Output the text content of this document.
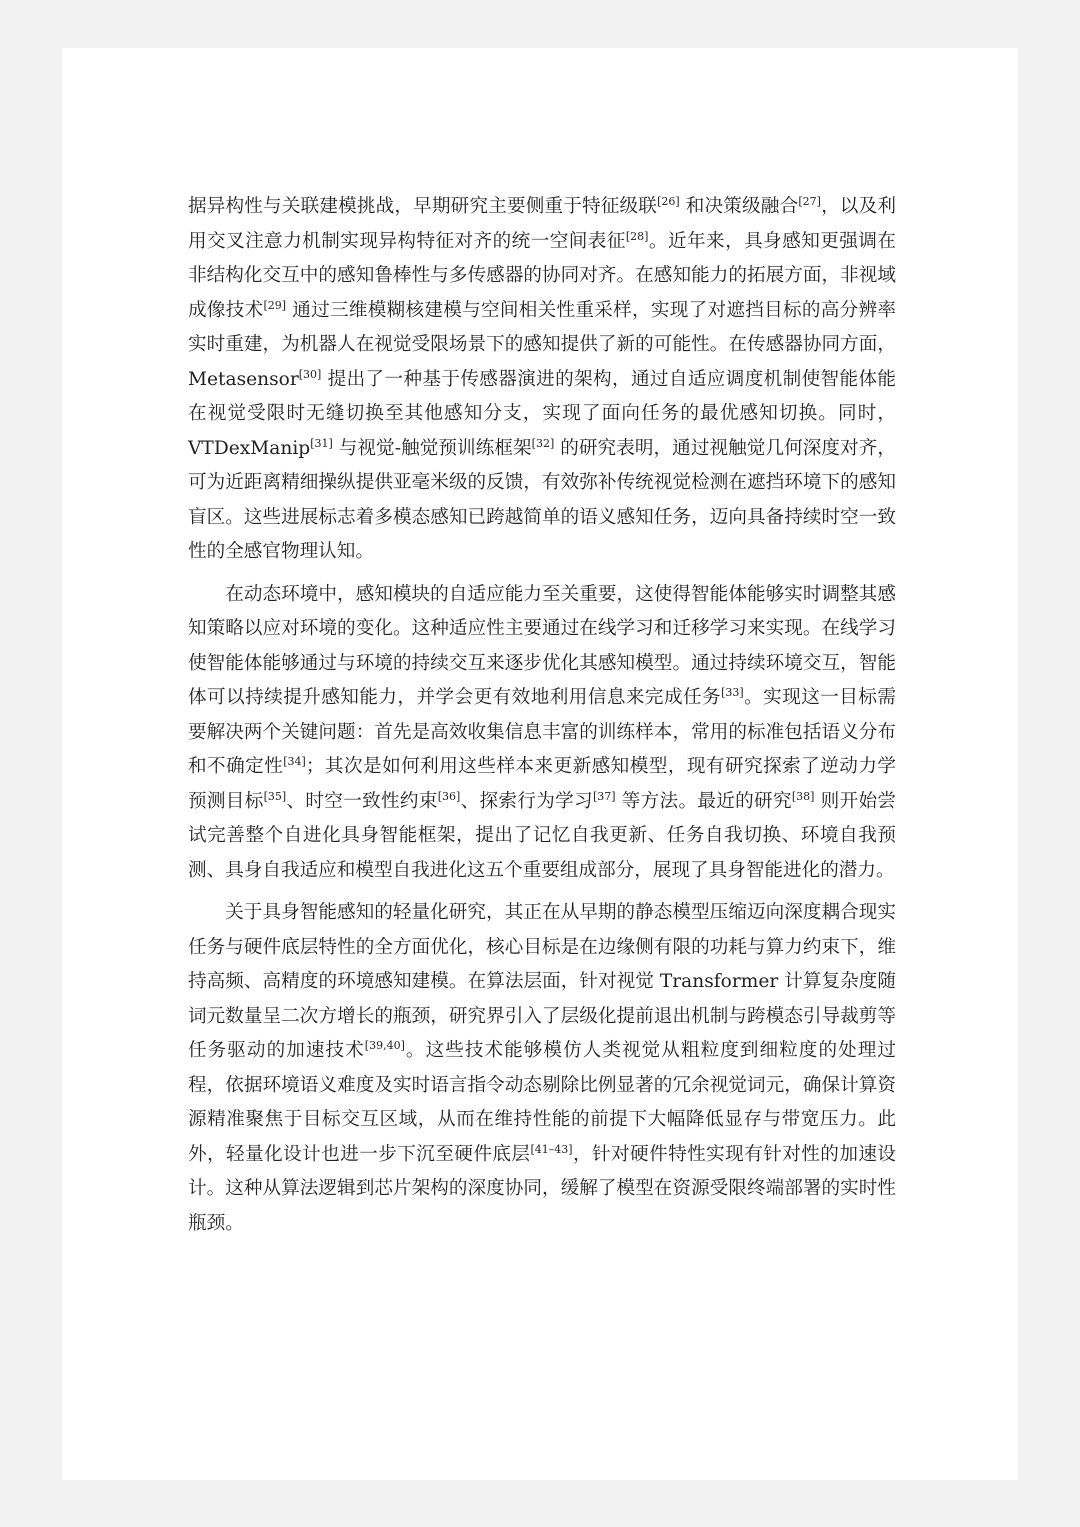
据异构性与关联建模挑战，早期研究主要侧重于特征级联[26] 和决策级融合[27]，以及利用交叉注意力机制实现异构特征对齐的统一空间表征[28]。近年来，具身感知更强调在非结构化交互中的感知鲁棒性与多传感器的协同对齐。在感知能力的拓展方面，非视域成像技术[29] 通过三维模糊核建模与空间相关性重采样，实现了对遮挡目标的高分辨率实时重建，为机器人在视觉受限场景下的感知提供了新的可能性。在传感器协同方面，Metasensor[30] 提出了一种基于传感器演进的架构，通过自适应调度机制使智能体能在视觉受限时无缝切换至其他感知分支，实现了面向任务的最优感知切换。同时，VTDexManip[31] 与视觉-触觉预训练框架[32] 的研究表明，通过视触觉几何深度对齐，可为近距离精细操纵提供亚毫米级的反馈，有效弥补传统视觉检测在遮挡环境下的感知盲区。这些进展标志着多模态感知已跨越简单的语义感知任务，迈向具备持续时空一致性的全感官物理认知。

在动态环境中，感知模块的自适应能力至关重要，这使得智能体能够实时调整其感知策略以应对环境的变化。这种适应性主要通过在线学习和迁移学习来实现。在线学习使智能体能够通过与环境的持续交互来逐步优化其感知模型。通过持续环境交互，智能体可以持续提升感知能力，并学会更有效地利用信息来完成任务[33]。实现这一目标需要解决两个关键问题：首先是高效收集信息丰富的训练样本，常用的标准包括语义分布和不确定性[34]；其次是如何利用这些样本来更新感知模型，现有研究探索了逆动力学预测目标[35]、时空一致性约束[36]、探索行为学习[37] 等方法。最近的研究[38] 则开始尝试完善整个自进化具身智能框架，提出了记忆自我更新、任务自我切换、环境自我预测、具身自我适应和模型自我进化这五个重要组成部分，展现了具身智能进化的潜力。

关于具身智能感知的轻量化研究，其正在从早期的静态模型压缩迈向深度耦合现实任务与硬件底层特性的全方面优化，核心目标是在边缘侧有限的功耗与算力约束下，维持高频、高精度的环境感知建模。在算法层面，针对视觉 Transformer 计算复杂度随词元数量呈二次方增长的瓶颈，研究界引入了层级化提前退出机制与跨模态引导裁剪等任务驱动的加速技术[39,40]。这些技术能够模仿人类视觉从粗粒度到细粒度的处理过程，依据环境语义难度及实时语言指令动态剔除比例显著的冗余视觉词元，确保计算资源精准聚焦于目标交互区域，从而在维持性能的前提下大幅降低显存与带宽压力。此外，轻量化设计也进一步下沉至硬件底层[41–43]，针对硬件特性实现有针对性的加速设计。这种从算法逻辑到芯片架构的深度协同，缓解了模型在资源受限终端部署的实时性瓶颈。
